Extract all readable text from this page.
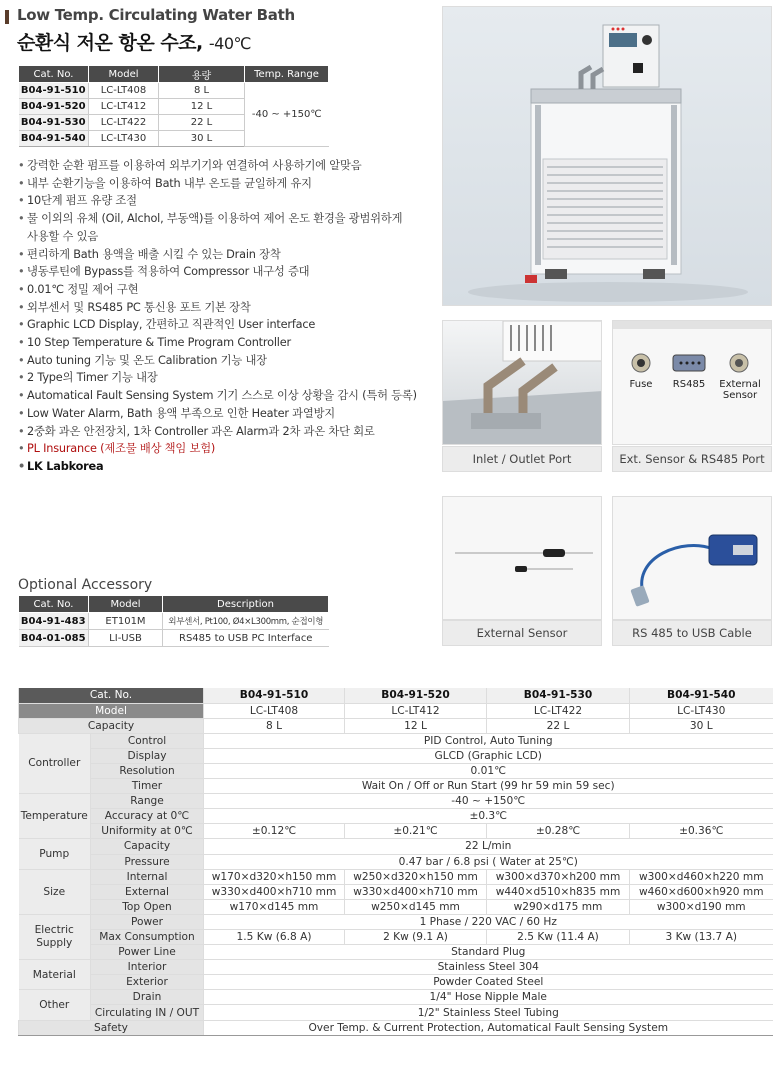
Low Temp. Circulating Water Bath
순환식 저온 항온 수조, -40℃
Cat. No.	Model	용량	Temp. Range
B04-91-510	LC-LT408	8 L	-40 ~ +150℃
B04-91-520	LC-LT412	12 L	
B04-91-530	LC-LT422	22 L	
B04-91-540	LC-LT430	30 L	
• 강력한 순환 펌프를 이용하여 외부기기와 연결하여 사용하기에 알맞음
• 내부 순환기능을 이용하여 Bath 내부 온도를 균일하게 유지
• 10단계 펌프 유량 조절
• 물 이외의 유체 (Oil, Alchol, 부동액)를 이용하여 제어 온도 환경을 광범위하게
사용할 수 있음
• 편리하게 Bath 용액을 배출 시킬 수 있는 Drain 장착
• 냉동루틴에 Bypass를 적용하여 Compressor 내구성 증대
• 0.01℃ 정밀 제어 구현
• 외부센서 및 RS485 PC 통신용 포트 기본 장착
• Graphic LCD Display, 간편하고 직관적인 User interface
• 10 Step Temperature & Time Program Controller
• Auto tuning 기능 및 온도 Calibration 기능 내장
• 2 Type의 Timer 기능 내장
• Automatical Fault Sensing System 기기 스스로 이상 상황을 감시 (특허 등록)
• Low Water Alarm, Bath 용액 부족으로 인한 Heater 과열방지
• 2중화 과온 안전장치, 1차 Controller 과온 Alarm과 2차 과온 차단 회로
• PL Insurance (제조물 배상 책임 보험)
• LK Labkorea
Optional Accessory
Cat. No.	Model	Description
B04-91-483	ET101M	외부센서, Pt100, Ø4×L300mm, 순접이형
B04-01-085	LI-USB	RS485 to USB PC Interface
Inlet / Outlet Port
Fuse	RS485	External Sensor
Ext. Sensor & RS485 Port
External Sensor	RS 485 to USB Cable
Cat. No.		B04-91-510	B04-91-520	B04-91-530	B04-91-540
Model		LC-LT408	LC-LT412	LC-LT422	LC-LT430
Capacity		8 L	12 L	22 L	30 L
Controller	Control	PID Control, Auto Tuning			
	Display	GLCD (Graphic LCD)			
	Resolution	0.01℃			
	Timer	Wait On / Off or Run Start (99 hr 59 min 59 sec)			
Temperature	Range	-40 ~ +150℃			
	Accuracy at 0℃	±0.3℃			
	Uniformity at 0℃	±0.12℃	±0.21℃	±0.28℃	±0.36℃
Pump	Capacity	22 L/min			
	Pressure	0.47 bar / 6.8 psi ( Water at 25℃)			
Size	Internal	w170×d320×h150 mm	w250×d320×h150 mm	w300×d370×h200 mm	w300×d460×h220 mm
	External	w330×d400×h710 mm	w330×d400×h710 mm	w440×d510×h835 mm	w460×d600×h920 mm
	Top Open	w170×d145 mm	w250×d145 mm	w290×d175 mm	w300×d190 mm
Electric Supply	Power	1 Phase / 220 VAC / 60 Hz			
	Max Consumption	1.5 Kw (6.8 A)	2 Kw (9.1 A)	2.5 Kw (11.4 A)	3 Kw (13.7 A)
	Power Line	Standard Plug			
Material	Interior	Stainless Steel 304			
	Exterior	Powder Coated Steel			
Other	Drain	1/4" Hose Nipple Male			
	Circulating IN / OUT	1/2" Stainless Steel Tubing			
Safety		Over Temp. & Current Protection, Automatical Fault Sensing System			
